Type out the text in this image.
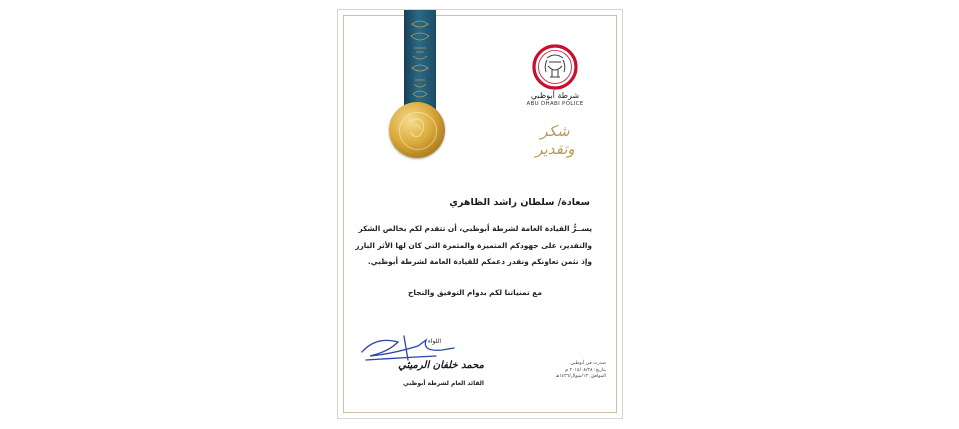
شرطة أبوظبي
ABU DHABI POLICE
شكر وتقدير
سعادة/ سلطان راشد الظاهري

يســرُّ القيادة العامة لشرطة أبوظبي، أن تتقدم لكم بخالص الشكر

والتقدير، على جهودكم المتميزة والمثمرة التي كان لها الأثر البارز

وإذ نثمن تعاونكم ونقدر دعمكم للقيادة العامة لشرطة أبوظبي.

مع تمنياتنا لكم بدوام التوفيق والنجاح
اللواء
محمد خلفان الرميثي
القائد العام لشرطة أبوظبي
صدرت في أبوظبي
بتاريخ: ٢٠١٥/٠٨/٢٨ م
الموافق: ١٣/شوال/١٤٣٦هـ
